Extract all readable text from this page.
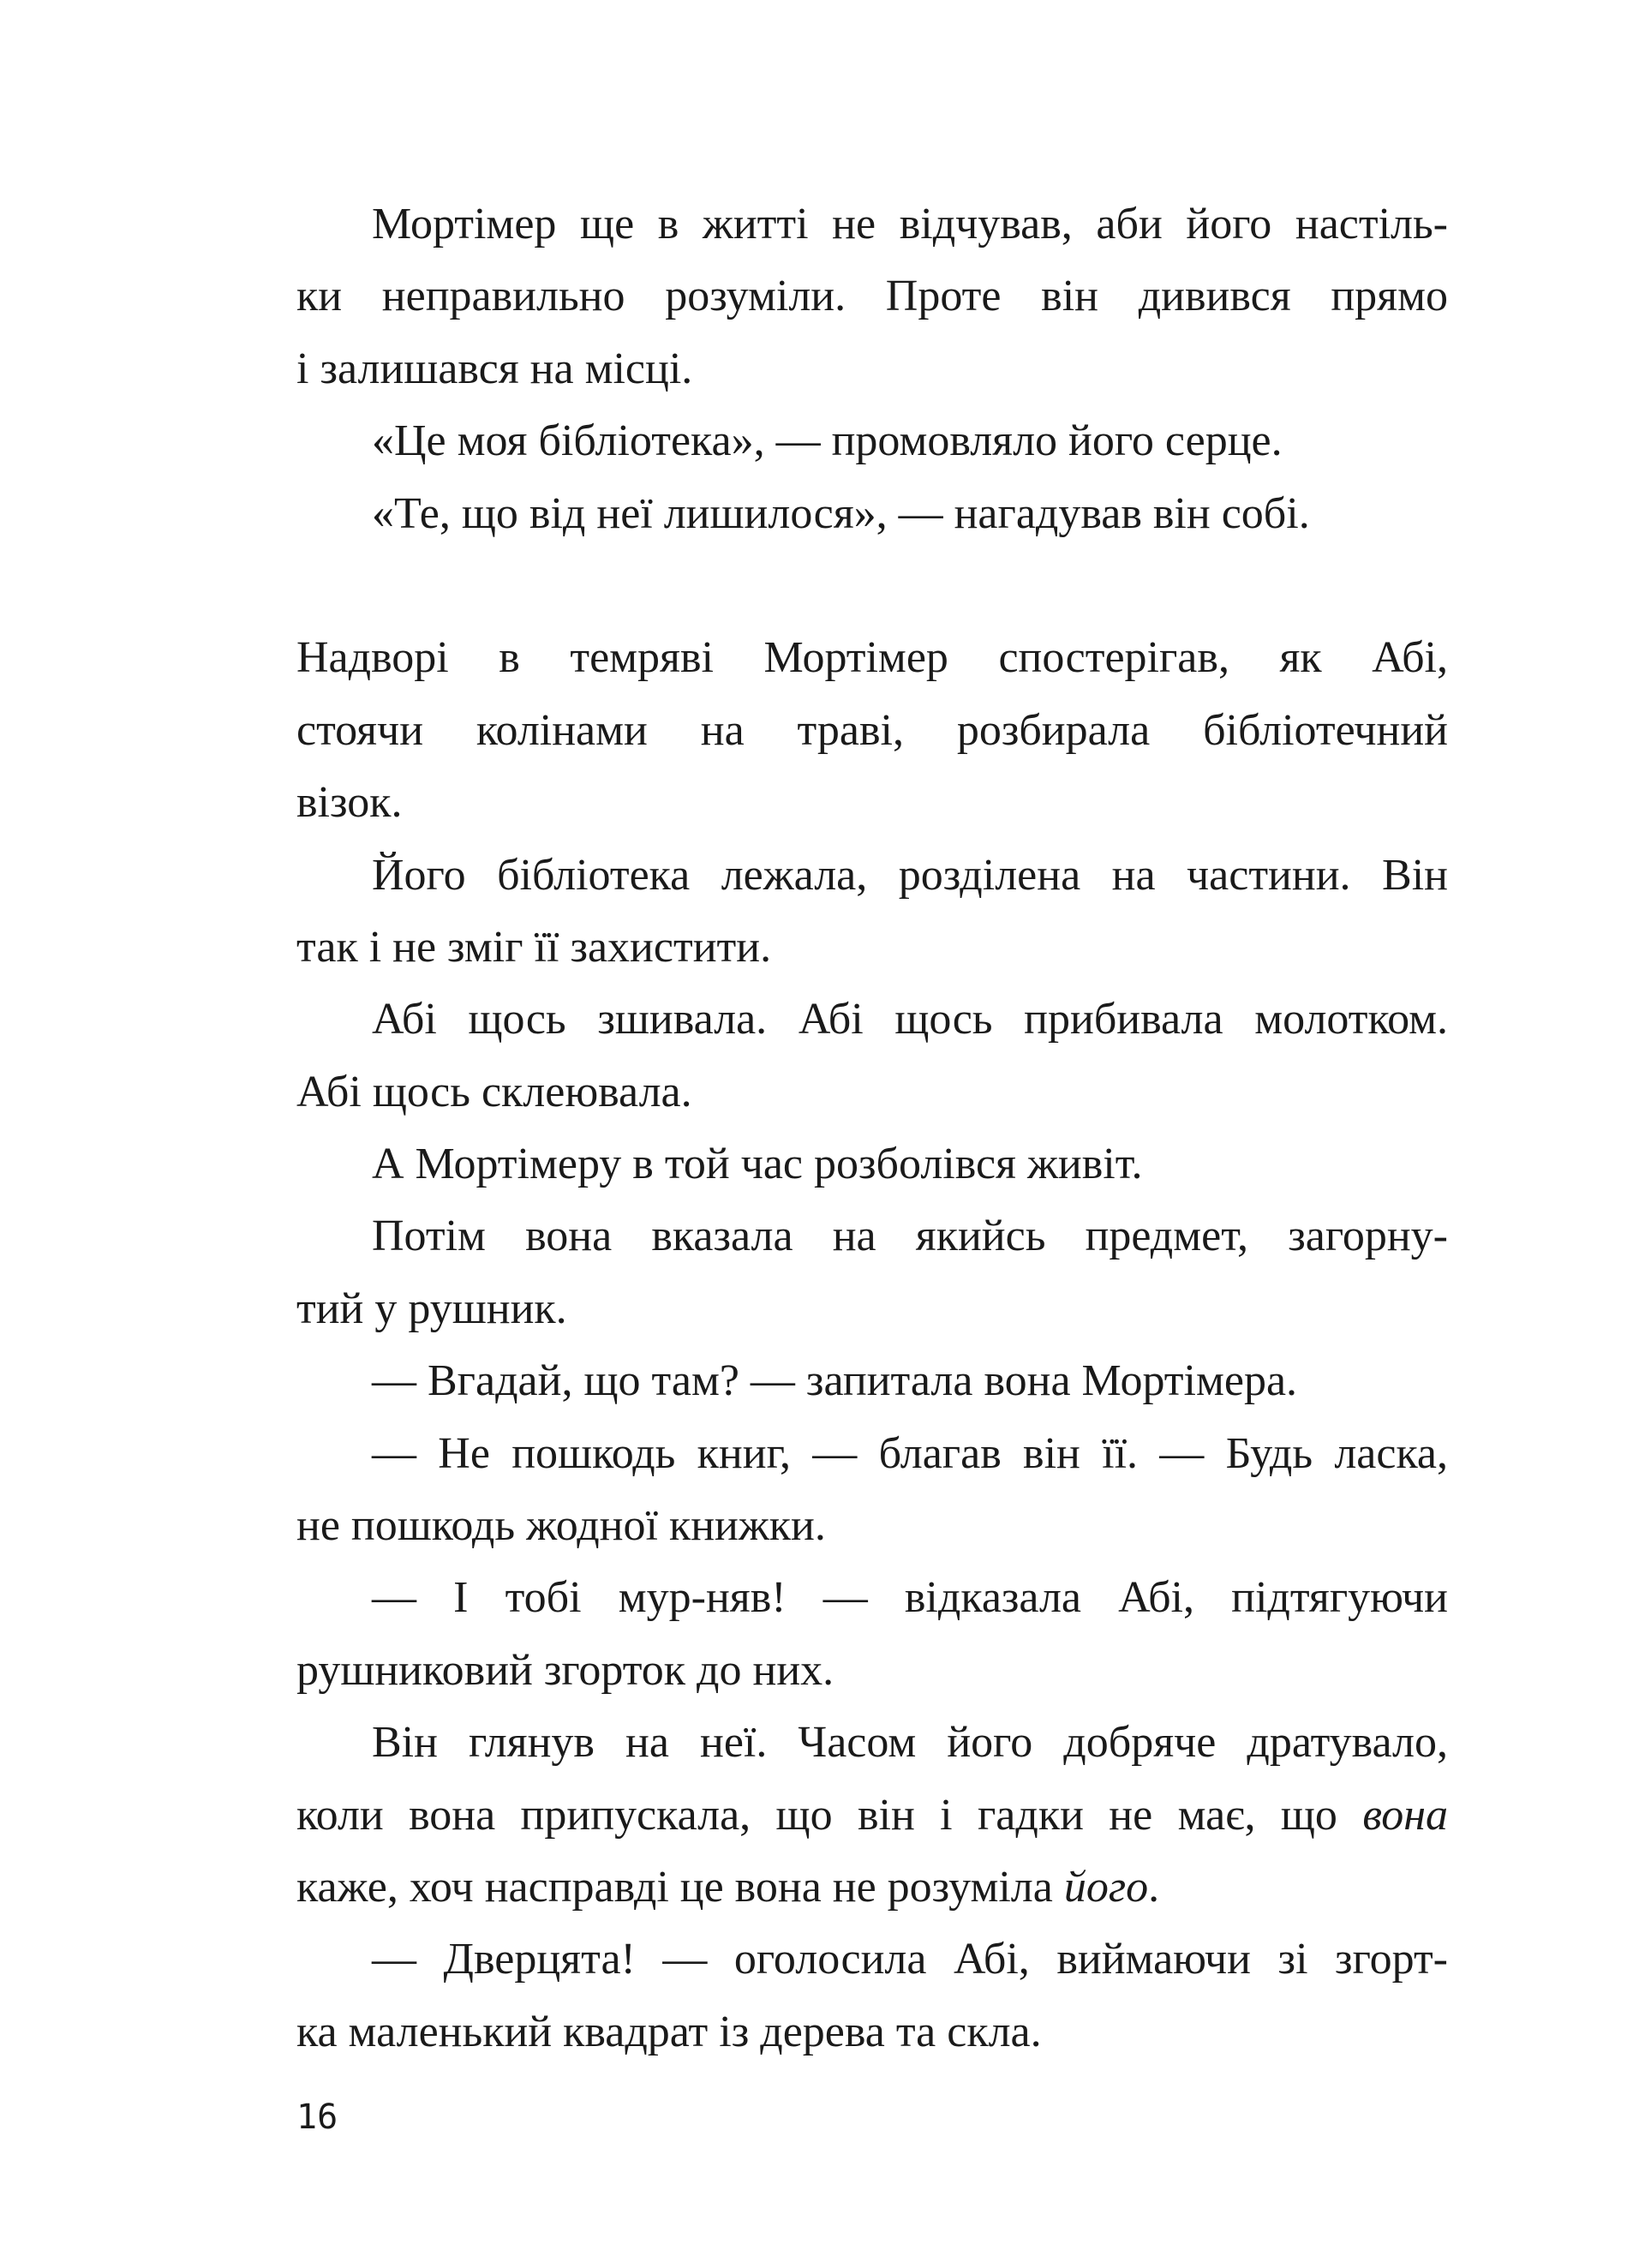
Мортімер ще в житті не відчував, аби його настіль-
ки неправильно розуміли. Проте він дивився прямо
і залишався на місці.
«Це моя бібліотека», — промовляло його серце.
«Те, що від неї лишилося», — нагадував він собі.
Надворі в темряві Мортімер спостерігав, як Абі,
стоячи колінами на траві, розбирала бібліотечний
візок.
Його бібліотека лежала, розділена на частини. Він
так і не зміг її захистити.
Абі щось зшивала. Абі щось прибивала молотком.
Абі щось склеювала.
А Мортімеру в той час розболівся живіт.
Потім вона вказала на якийсь предмет, загорну-
тий у рушник.
— Вгадай, що там? — запитала вона Мортімера.
— Не пошкодь книг, — благав він її. — Будь ласка,
не пошкодь жодної книжки.
— І тобі мур-няв! — відказала Абі, підтягуючи
рушниковий згорток до них.
Він глянув на неї. Часом його добряче дратувало,
коли вона припускала, що він і гадки не має, що вона
каже, хоч насправді це вона не розуміла його.
— Дверцята! — оголосила Абі, виймаючи зі згорт-
ка маленький квадрат із дерева та скла.
16
